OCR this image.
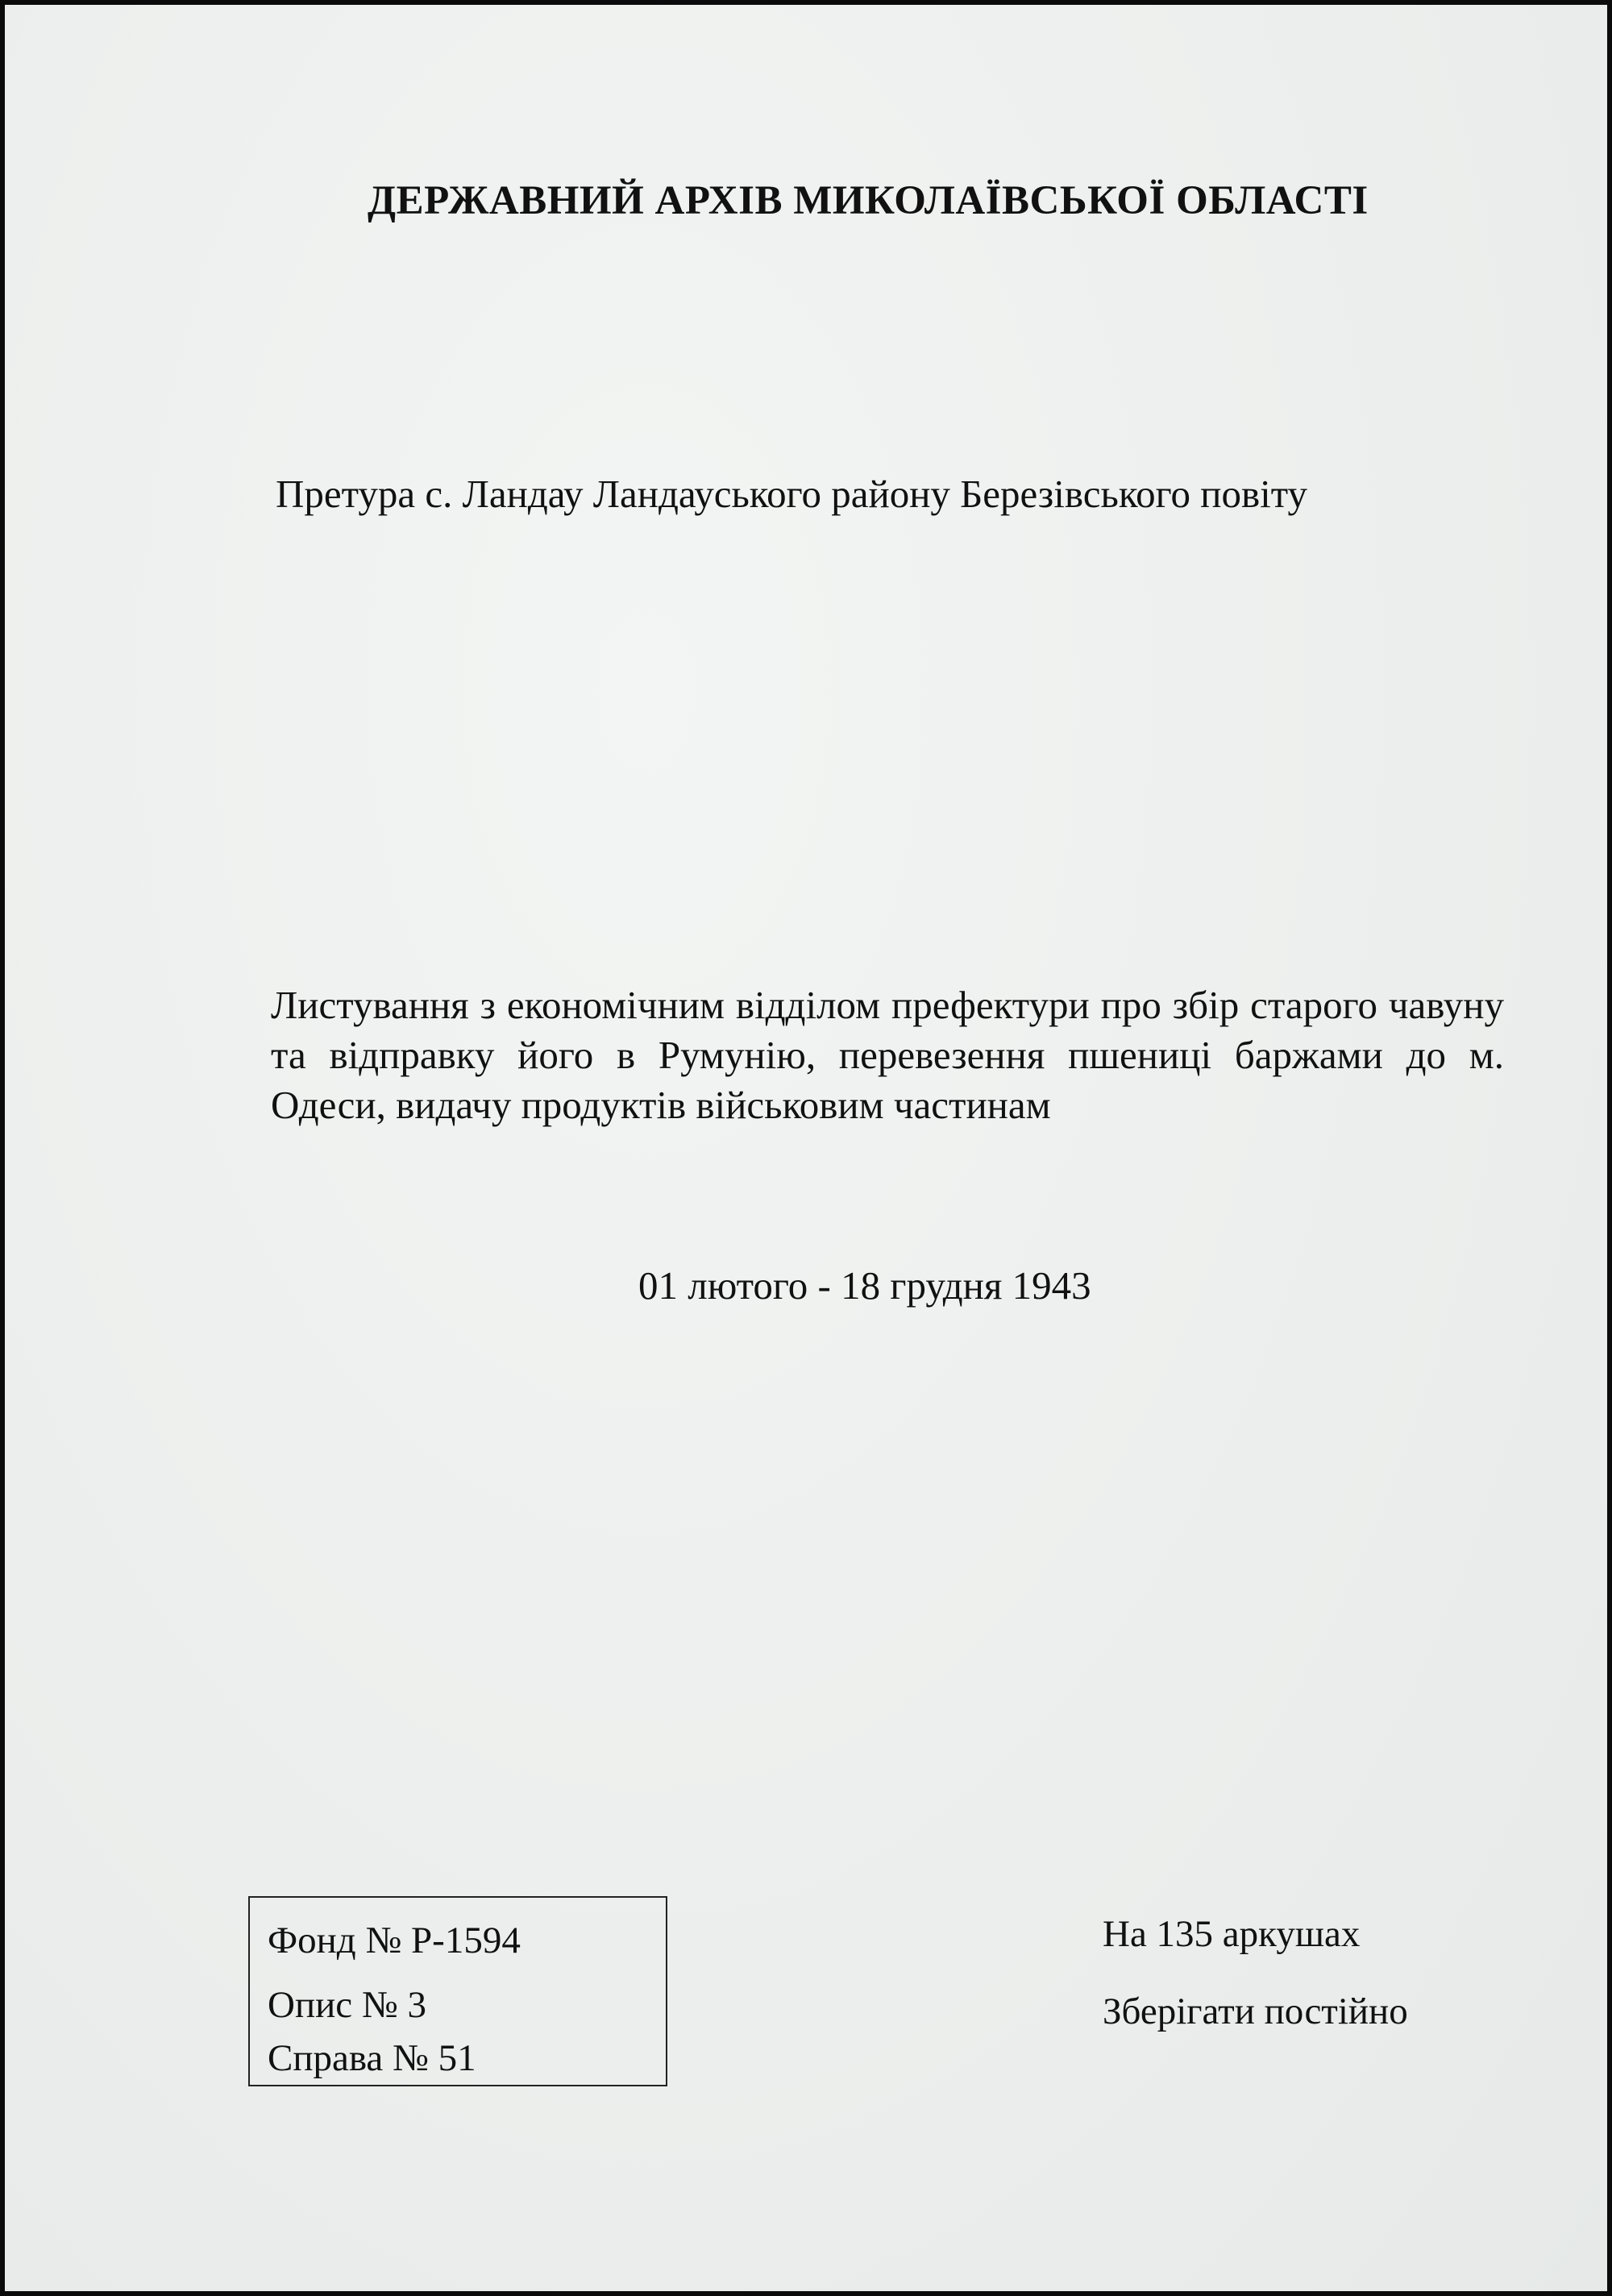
ДЕРЖАВНИЙ АРХІВ МИКОЛАЇВСЬКОЇ ОБЛАСТІ
Претура с. Ландау Ландауського району Березівського повіту
Листування з економічним відділом префектури про збір старого чавуну та відправку його в Румунію, перевезення пшениці баржами до м. Одеси, видачу продуктів військовим частинам
01 лютого - 18 грудня 1943
Фонд № Р-1594
Опис № 3
Справа № 51
На 135 аркушах
Зберігати постійно
